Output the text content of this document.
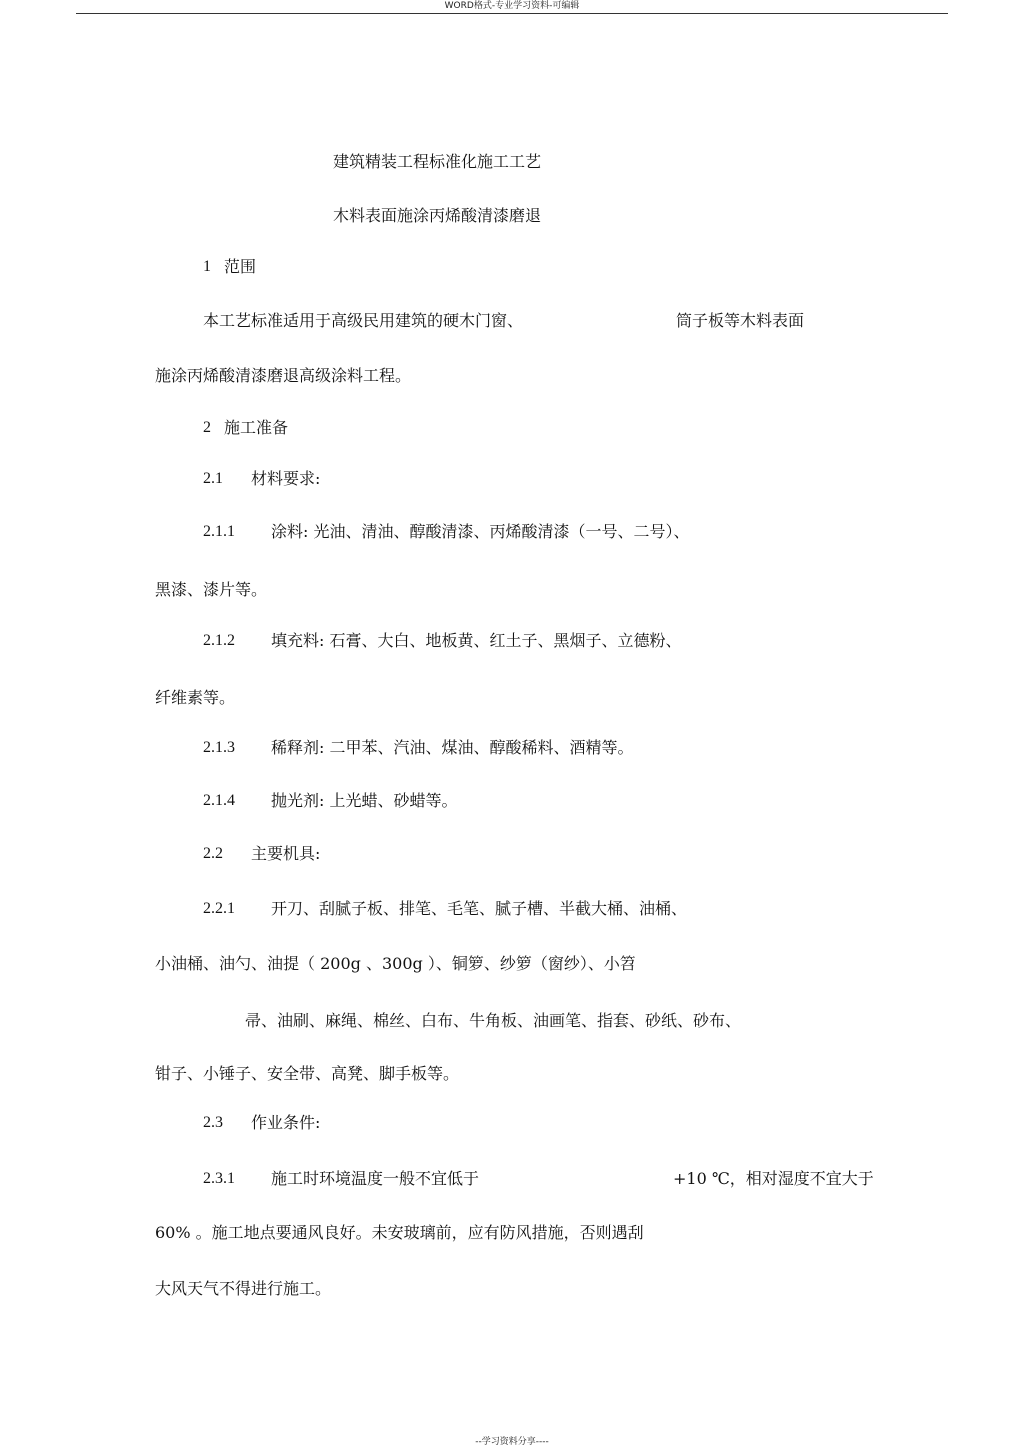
WORD格式-专业学习资料-可编辑
建筑精装工程标准化施工工艺
木料表面施涂丙烯酸清漆磨退
1 范围
本工艺标准适用于高级民用建筑的硬木门窗、	筒子板等木料表面
施涂丙烯酸清漆磨退高级涂料工程。
2 施工准备
2.1 材料要求:
2.1.1 涂料: 光油、清油、醇酸清漆、丙烯酸清漆（一号、二号）、
黑漆、漆片等。
2.1.2 填充料: 石膏、大白、地板黄、红土子、黑烟子、立德粉、
纤维素等。
2.1.3 稀释剂: 二甲苯、汽油、煤油、醇酸稀料、酒精等。
2.1.4 抛光剂: 上光蜡、砂蜡等。
2.2 主要机具:
2.2.1 开刀、刮腻子板、排笔、毛笔、腻子槽、半截大桶、油桶、
小油桶、油勺、油提（ 200g 、300g ）、铜箩、纱箩（窗纱）、小笤
帚、油刷、麻绳、棉丝、白布、牛角板、油画笔、指套、砂纸、砂布、
钳子、小锤子、安全带、高凳、脚手板等。
2.3 作业条件:
2.3.1 施工时环境温度一般不宜低于	+10 ℃，相对湿度不宜大于
60% 。施工地点要通风良好。未安玻璃前，应有防风措施，否则遇刮
大风天气不得进行施工。
--学习资料分享----
